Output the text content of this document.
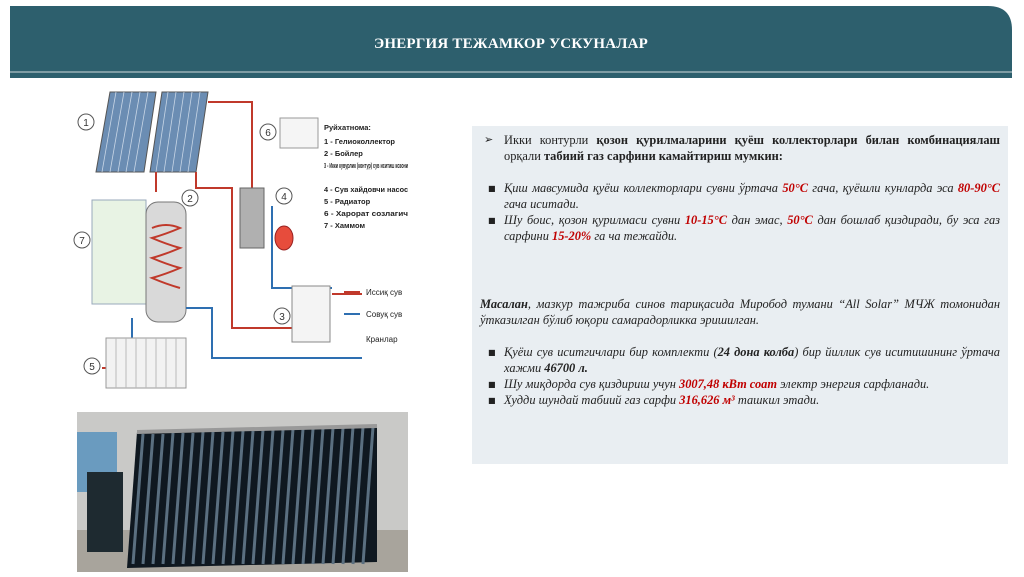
ЭНЕРГИЯ ТЕЖАМКОР УСКУНАЛАР
1
2
3
4
5
6
7
Руйхатнома:
1 - Гелиоколлектор
2 - Бойлер
3 - Икки кувурлик (контур) сув иситиш козони
4 - Сув хайдовчи насос
5 - Радиатор
6 - Харорат созлагич
7 - Хаммом
Иссиқ сув
Совуқ сув
Кранлар
➢ Икки контурли қозон қурилмаларини қуёш коллекторлари билан комбинациялаш орқали табиий газ сарфини камайтириш мумкин:
■ Қиш мавсумида қуёш коллекторлари сувни ўртача 50°С гача, қуёшли кунларда эса 80-90°С гача иситади.
■ Шу боис, қозон қурилмаси сувни 10-15°С дан эмас, 50°С дан бошлаб қиздиради, бу эса газ сарфини 15-20% га ча тежайди.
Масалан, мазкур тажриба синов тариқасида Миробод тумани “All Solar” МЧЖ томонидан ўтказилган бўлиб юқори самарадорликка эришилган.
■ Қуёш сув иситгичлари бир комплекти (24 дона колба) бир йиллик сув иситишининг ўртача хажми 46700 л.
■ Шу миқдорда сув қиздириш учун 3007,48 кВт соат электр энергия сарфланади.
■ Худди шундай табиий газ сарфи 316,626 м³ ташкил этади.
